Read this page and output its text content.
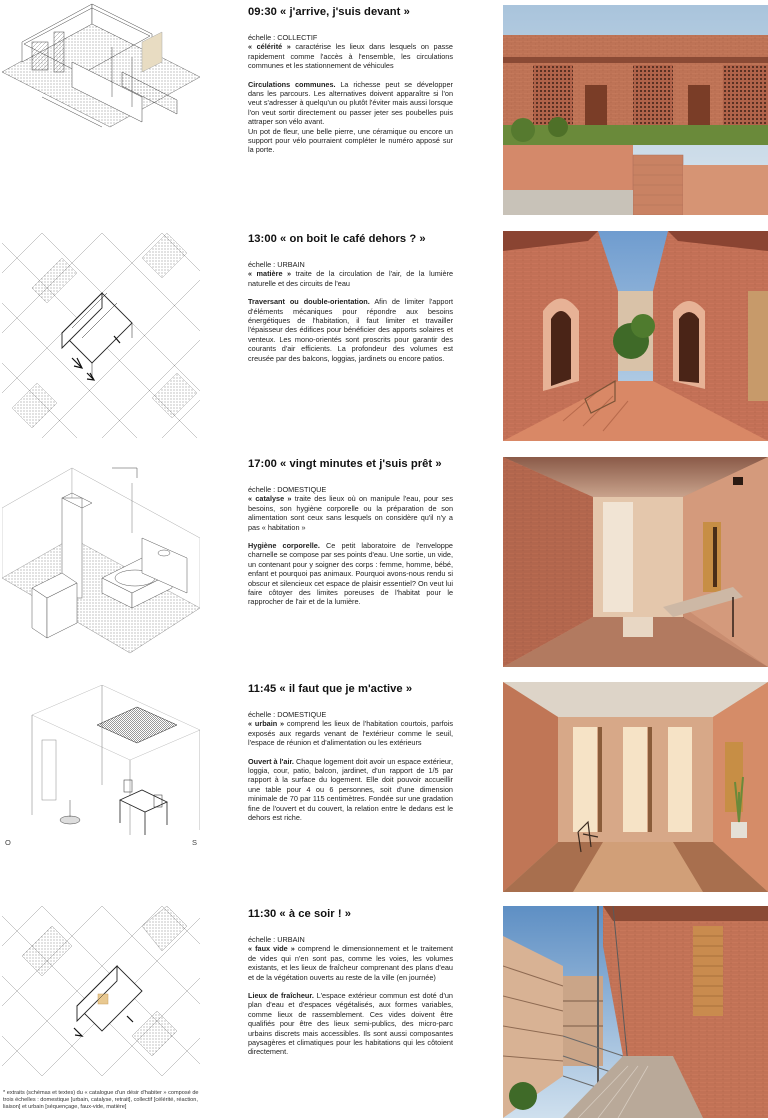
09:30 « j'arrive, j'suis devant »

échelle : COLLECTIF

« célérité » caractérise les lieux dans lesquels on passe rapidement comme l'accès à l'ensemble, les circulations communes et les stationnement de véhicules

Circulations communes. La richesse peut se développer dans les parcours. Les alternatives doivent apparaître si l'on veut s'adresser à quelqu'un ou plutôt l'éviter mais aussi lorsque l'on veut sortir directement ou passer jeter ses poubelles puis attraper son vélo avant.

Un pot de fleur, une belle pierre, une céramique ou encore un support pour vélo pourraient compléter le numéro apposé sur la porte.

13:00 « on boit le café dehors ? »

échelle : URBAIN

« matière » traite de la circulation de l'air, de la lumière naturelle et des circuits de l'eau

Traversant ou double-orientation. Afin de limiter l'apport d'éléments mécaniques pour répondre aux besoins énergétiques de l'habitation, il faut limiter et travailler l'épaisseur des édifices pour bénéficier des apports solaires et venteux. Les mono-orientés sont proscrits pour garantir des courants d'air efficients. La profondeur des volumes est creusée par des balcons, loggias, jardinets ou encore patios.

17:00 « vingt minutes et j'suis prêt »

échelle : DOMESTIQUE

« catalyse » traite des lieux où on manipule l'eau, pour ses besoins, son hygiène corporelle ou la préparation de son alimentation sont ceux sans lesquels on considère qu'il n'y a pas « habitation »

Hygiène corporelle. Ce petit laboratoire de l'enveloppe charnelle se compose par ses points d'eau. Une sortie, un vide, un contenant pour y soigner des corps : femme, homme, bébé, enfant et pourquoi pas animaux. Pourquoi avons-nous rendu si obscur et silencieux cet espace de plaisir essentiel? On veut lui faire côtoyer des limites poreuses de l'habitat pour le rapprocher de l'air et de la lumière.

O	S

11:45 « il faut que je m'active »

échelle : DOMESTIQUE

« urbain » comprend les lieux de l'habitation courtois, parfois exposés aux regards venant de l'extérieur comme le seuil, l'espace de réunion et d'alimentation ou les extérieurs

Ouvert à l'air. Chaque logement doit avoir un espace extérieur, loggia, cour, patio, balcon, jardinet, d'un rapport de 1/5 par rapport à la surface du logement. Elle doit pouvoir accueillir une table pour 4 ou 6 personnes, soit d'une dimension minimale de 70 par 115 centimètres. Fondée sur une gradation fine de l'ouvert et du couvert, la relation entre le dedans est le dehors est riche.

11:30 « à ce soir ! »

échelle : URBAIN

« faux vide » comprend le dimensionnement et le traitement de vides qui n'en sont pas, comme les voies, les volumes existants, et les lieux de fraîcheur comprenant des plans d'eau et de la végétation ouverts au reste de la ville (en journée)

Lieux de fraîcheur. L'espace extérieur commun est doté d'un plan d'eau et d'espaces végétalisés, aux formes variables, comme lieux de rassemblement. Ces vides doivent être qualifiés pour être des lieux semi-publics, des micro-parc urbains discrets mais accessibles. Ils sont aussi composantes paysagères et climatiques pour les habitations qui les côtoient directement.

* extraits (schémas et textes) du « catalogue d'un désir d'habiter » composé de trois échelles : domestique [urbain, catalyse, retrait], collectif [célérité, réaction, liaison] et urbain [séquençage, faux-vide, matière]
